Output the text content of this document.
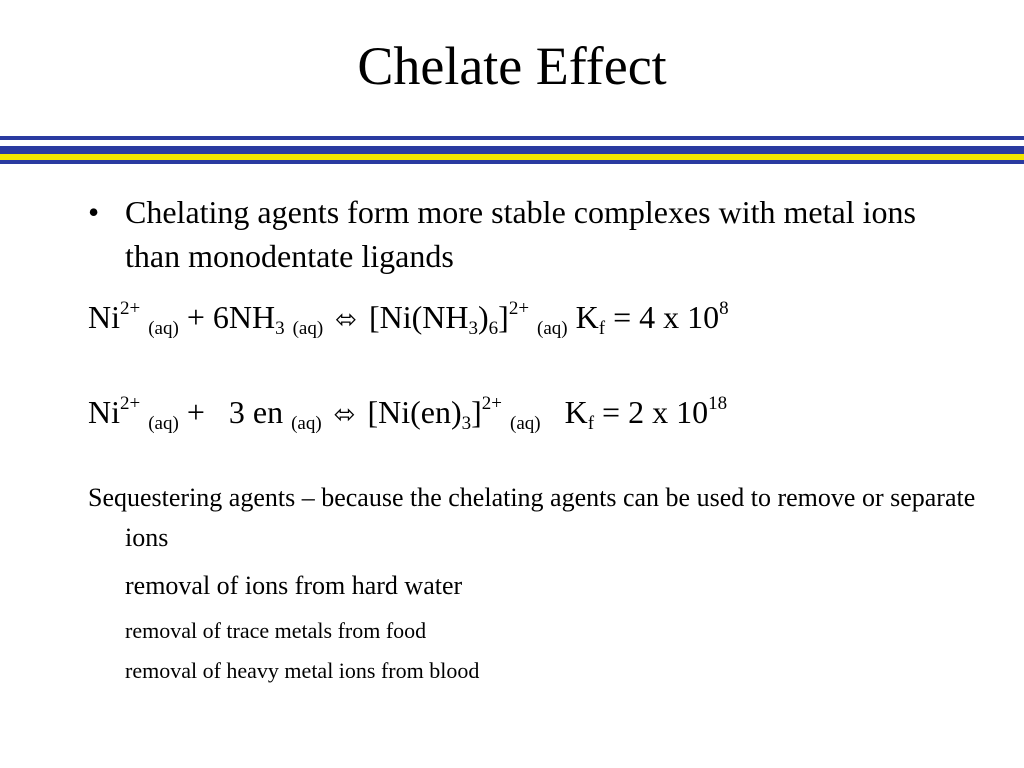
Chelate Effect
• Chelating agents form more stable complexes with metal ions than monodentate ligands
$Ni^{2+}$ $(aq) + 6NH_3$ (aq) ⬄ $[Ni(NH_3)_6]^{2+}$ (aq) $K_f = 4$ x $10^8$
$Ni^{2+}$ (aq) +   3 en (aq) ⬄ $[Ni(en)_3]^{2+}$ (aq) $K_f = 2$ x $10^{18}$
Sequestering agents – because the chelating agents can be used to remove or separate ions
removal of ions from hard water
removal of trace metals from food
removal of heavy metal ions from blood
